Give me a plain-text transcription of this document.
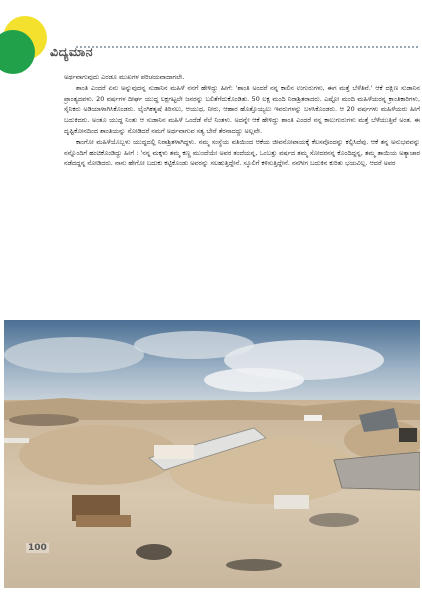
ವಿದ್ಯಮಾನ

ಅರ್ಥವಾಗುವುದು ಎರಡೂ ಮುಖಗಳ ಪರಿಚಯವಾದಾಗಲೇ.

ಶಾಂತಿ ಎಂದರೆ ಏನು ಅನ್ನುವುದನ್ನ ಸುಡಾನಿನ ಮಹಿಳೆ ನನಗೆ ಹೇಳಿದ್ದು ಹೀಗೆ: 'ಶಾಂತಿ ಅಂದರೆ ನನ್ನ ಕಾಲಿನ ಉಗುರುಗಳು, ಈಗ ಮತ್ತೆ ಬೆಳೆತಿವೆ.' ಆಕೆ ದಕ್ಷಿಣ ಸುಡಾನಿನ ಪ್ರಾಂತ್ಯದವಳು. 20 ವರ್ಷಗಳ ದೀರ್ಘ ಯುದ್ಧ ಲಕ್ಷಗಟ್ಟಲೇ ಜನರನ್ನು ಬಲಿತೆಗೆದುಕೊಂಡಿತು. 50 ಲಕ್ಷ ಮಂದಿ ನಿರಾಶ್ರಿತರಾದರು. ಎಷ್ಟೋ ಮಂದಿ ಮಹಿಳೆಯರನ್ನ ಕ್ರಾಂತಿಕಾರಿಗಳು, ಸೈನಿಕರು ಅಡಿಯಾಳಾಗಿಸಿಕೊಂಡರು. ಲೈಂಗಿಕತೃಷೆ ತಿರಿಸಲು, ಆಯುಧ, ನೀರು, ಆಹಾರ ಹೊತ್ತೊಯ್ಯಲು ಇವರುಗಳನ್ನು ಬಳಸಿಕೊಂಡರು. ಆ 20 ವರ್ಷಗಳು ಮಹಿಳೆಯರು ಹೀಗೆ ಬದುಕಿದರು. ಅಂತೂ ಯುದ್ಧ ನಿಂತು ಆ ಸುಡಾನಿನ ಮಹಿಳೆ ಒಂದೆಡೆ ನೆಲೆ ನಿಂತಳು. ಅದನ್ನೇ ಆಕೆ ಹೇಳಿದ್ದು ಶಾಂತಿ ಎಂದರೆ ನನ್ನ ಕಾಲುಗುರುಗಳು ಮತ್ತೆ ಬೆಳೆಯುತ್ತಿವೆ ಅಂತ. ಈ ದೃಷ್ಟಿಕೋನದಿಂದ ಶಾಂತಿಯನ್ನು ನೋಡಿದರೆ ನಮಗೆ ಅರ್ಥವಾಗುವ ಸತ್ಯ ಬೇರೆ ತೆರನಾದದ್ದು ಅಲ್ಲವೇ.

ಕಾಂಗೋ ಮಹಿಳೆಯೊಬ್ಬಳು ಯುದ್ಧದಲ್ಲಿ ನಿರಾಶ್ರಿತಳಾಗಿದ್ದಳು. ನಮ್ಮ ಸಂಸ್ಥೆಯ ವತಿಯಿಂದ ಆಕೆಯ ಜೀವನೋಪಾಯಕ್ಕೆ ಕೆಲಸವೊಂದನ್ನು ಕಲ್ಪಿಸಿದೆವು. ಆಕೆ ತನ್ನ ಅನುಭವವನ್ನು ನನ್ನೊಂದಿಗೆ ಹಂಚಿಕೊಂಡಿದ್ದು ಹೀಗೆ : 'ನನ್ನ ಮಕ್ಕಳು ತಮ್ಮ ಕಣ್ಣ ಮುಂದೆಯೇ ಅವರ ತಂದೆಯನ್ನ, ಒಂಬತ್ತು ವರ್ಷದ ತಮ್ಮ ಸೋದರನನ್ನ ಕೊಂದಿದ್ದನ್ನ, ತಮ್ಮ ತಾಯಿಯ ಅತ್ಯಾಚಾರ ನಡೆದದ್ದನ್ನ ನೋಡಿದರು. ನಾನು ಹೇಗೋ ಬದುಕು ಕಟ್ಟಿಕೊಂಡು ಅವರನ್ನು ಸಲಹುತ್ತಿದ್ದೇನೆ. ಸ್ಕೂಲಿಗೆ ಕಳಿಸುತ್ತಿದ್ದೇನೆ. ನನಗೀಗ ಬದುಕಿನ ಕುರಿತು ಭಯವಿಲ್ಲ. ಆದರೆ ಅವರ

100
